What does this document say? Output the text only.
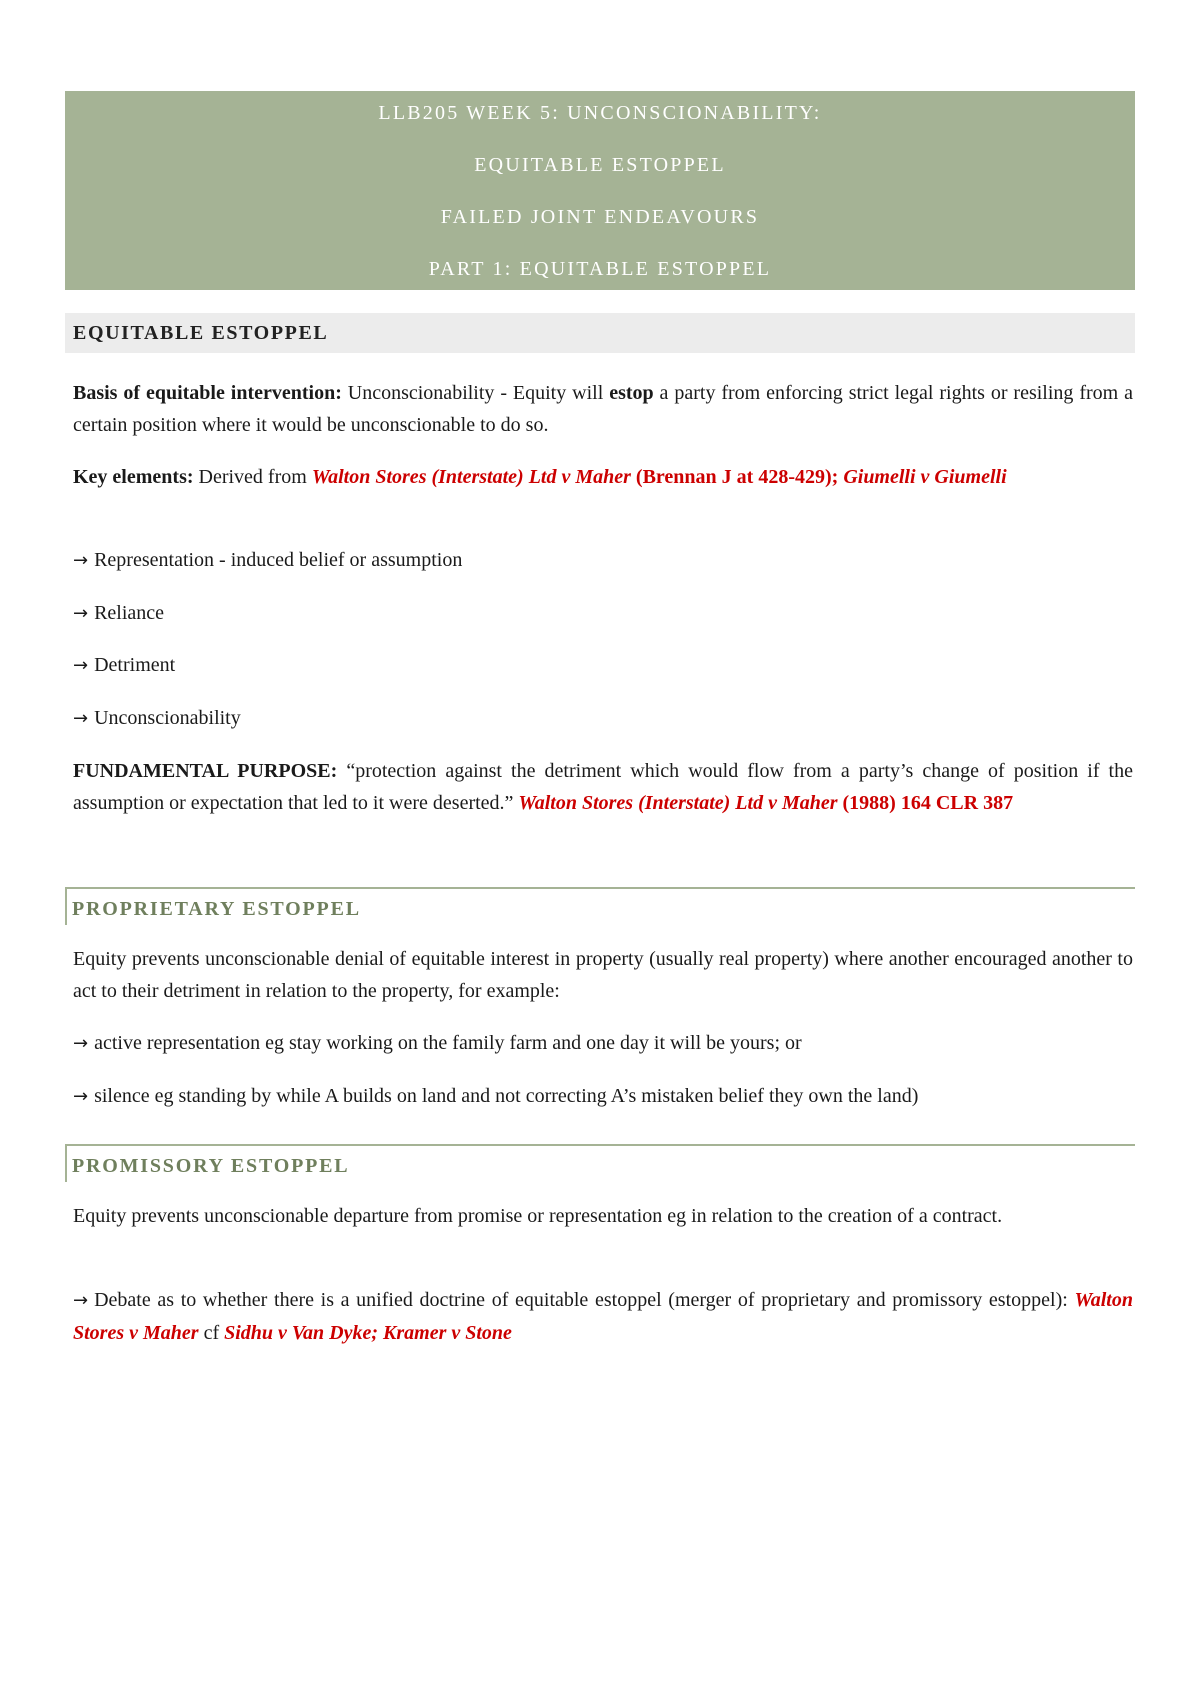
LLB205 WEEK 5: UNCONSCIONABILITY:
EQUITABLE ESTOPPEL
FAILED JOINT ENDEAVOURS
PART 1: EQUITABLE ESTOPPEL
EQUITABLE ESTOPPEL
Basis of equitable intervention: Unconscionability - Equity will estop a party from enforcing strict legal rights or resiling from a certain position where it would be unconscionable to do so.
Key elements: Derived from Walton Stores (Interstate) Ltd v Maher (Brennan J at 428-429); Giumelli v Giumelli
→ Representation - induced belief or assumption
→ Reliance
→ Detriment
→ Unconscionability
FUNDAMENTAL PURPOSE: “protection against the detriment which would flow from a party’s change of position if the assumption or expectation that led to it were deserted.” Walton Stores (Interstate) Ltd v Maher (1988) 164 CLR 387
PROPRIETARY ESTOPPEL
Equity prevents unconscionable denial of equitable interest in property (usually real property) where another encouraged another to act to their detriment in relation to the property, for example:
→ active representation eg stay working on the family farm and one day it will be yours; or
→ silence eg standing by while A builds on land and not correcting A’s mistaken belief they own the land)
PROMISSORY ESTOPPEL
Equity prevents unconscionable departure from promise or representation eg in relation to the creation of a contract.
→ Debate as to whether there is a unified doctrine of equitable estoppel (merger of proprietary and promissory estoppel): Walton Stores v Maher cf Sidhu v Van Dyke; Kramer v Stone
